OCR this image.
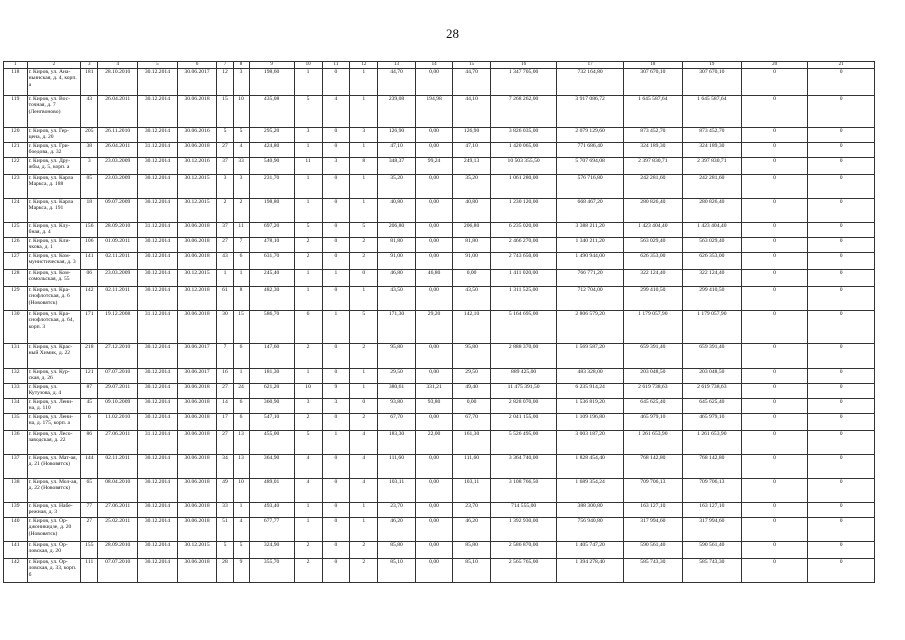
28
1	2	3	4	5	6	7	8	9	10	11	12	13	14	15	16	17	18	19	20	21
118	г. Киров, ул. Ана-ньинская, д. 4, корп. а	181	28.10.2010	30.12.2014	30.06.2017	12	3	198,60	1	0	1	44,70	0,00	44,70	1 347 705,00	732 164,80	307 670,10	307 670,10	0	0
119	г. Киров, ул. Вос-точная, д. 7 (Ленгвоново)	43	26.04.2011	30.12.2014	30.06.2018	15	10	435,08	5	4	1	239,08	194,98	44,10	7 268 262,00	3 917 086,72	1 645 587,64	1 645 587,64	0	0
120	г. Киров, ул. Гер-цена, д. 20	205	26.11.2010	30.12.2014	30.06.2016	5	5	295,20	3	0	3	126,90	0,00	126,90	3 826 035,00	2 079 129,60	873 452,70	873 452,70	0	0
121	г. Киров, ул. Гри-боедова, д. 32	38	26.04.2011	31.12.2014	30.06.2018	27	4	424,80	1	0	1	47,10	0,00	47,10	1 420 065,00	771 686,40	324 189,30	324 189,30	0	0
122	г. Киров, ул. Дру-жбы, д. 5, корп. а	3	23.03.2009	30.12.2014	30.12.2016	37	33	540,90	11	3	8	348,37	99,24	249,13	10 503 355,50	5 707 694,08	2 397 830,71	2 397 830,71	0	0
123	г. Киров, ул. Карла Маркса, д. 188	05	23.03.2009	30.12.2014	30.12.2015	3	3	231,70	1	0	1	35,20	0,00	35,20	1 061 280,00	576 716,80	242 281,60	242 281,60	0	0
124	г. Киров, ул. Карла Маркса, д. 191	18	09.07.2009	30.12.2014	30.12.2015	2	2	198,80	1	0	1	40,80	0,00	40,80	1 230 120,00	668 467,20	280 826,40	280 826,40	0	0
125	г. Киров, ул. Клу-бная, д. 4	156	28.09.2010	31.12.2014	30.06.2018	37	11	697,20	5	0	5	206,80	0,00	206,80	6 235 020,00	3 388 211,20	1 423 404,40	1 423 404,40	0	0
126	г. Киров, ул. Кли-чкова, д. 1	106	01.09.2011	30.12.2014	30.06.2018	27	7	478,10	2	0	2	81,80	0,00	81,80	2 466 270,00	1 340 211,20	563 029,40	563 029,40	0	0
127	г. Киров, ул. Ком-мунистическая, д. 3	141	02.11.2011	30.12.2014	30.06.2018	43	6	631,70	2	0	2	91,00	0,00	91,00	2 743 650,00	1 490 944,00	626 353,00	626 353,00	0	0
128	г. Киров, ул. Ком-сомольская, д. 55	06	23.03.2009	30.12.2014	30.12.2015	1	1	245,40	1	1	0	46,80	46,80	0,00	1 411 020,00	766 771,20	322 124,40	322 124,40	0	0
129	г. Киров, ул. Кра-снофлотская, д. 6 (Нововятск)	142	02.11.2011	30.12.2014	30.12.2018	61	8	482,30	1	0	1	43,50	0,00	43,50	1 311 525,00	712 704,00	299 410,50	299 410,50	0	0
130	г. Киров, ул. Кра-снофлотская, д. 64, корп. 3	171	19.12.2008	31.12.2014	30.06.2018	30	15	586,70	6	1	5	171,30	29,20	142,10	5 164 695,00	2 806 579,20	1 179 057,90	1 179 057,90	0	0
131	г. Киров, ул. Крас-ный Химик, д. 22	218	27.12.2010	30.12.2014	30.06.2017	7	6	147,60	2	0	2	95,80	0,00	95,80	2 888 370,00	1 569 587,20	659 391,40	659 391,40	0	0
132	г. Киров, ул. Кур-ская, д. 26	121	07.07.2010	30.12.2014	30.06.2017	16	1	181,30	1	0	1	29,50	0,00	29,50	889 425,00	483 328,00	203 048,50	203 048,50	0	0
133	г. Киров, ул. Кутузова, д. 4	87	29.07.2011	30.12.2014	30.06.2018	27	24	621,20	10	9	1	380,61	331,21	49,40	11 475 391,50	6 235 914,24	2 619 738,63	2 619 738,63	0	0
134	г. Киров, ул. Лени-на, д. 110	45	09.10.2009	30.12.2014	30.06.2018	14	6	360,90	3	3	0	93,80	93,80	0,00	2 828 070,00	1 536 819,20	645 625,40	645 625,40	0	0
135	г. Киров, ул. Лени-на, д. 175, корп. а	6	11.02.2010	30.12.2014	30.06.2018	17	6	547,10	2	0	2	67,70	0,00	67,70	2 041 155,00	1 109 196,80	465 979,10	465 979,10	0	0
136	г. Киров, ул. Лесо-заводская, д. 22	86	27.06.2011	31.12.2014	30.06.2018	27	13	455,00	5	1	4	183,30	22,00	161,30	5 526 495,00	3 003 187,20	1 261 653,90	1 261 653,90	0	0
137	г. Киров, ул. Мат-ая, д. 21 (Нововятск)	144	02.11.2011	30.12.2014	30.06.2018	34	13	364,90	4	0	4	111,60	0,00	111,60	3 364 740,00	1 828 454,40	768 142,80	768 142,80	0	0
138	г. Киров, ул. Мол-ая, д. 22 (Нововятск)	65	08.04.2010	30.12.2014	30.06.2018	49	10	489,01	4	0	4	103,11	0,00	103,11	3 108 766,50	1 689 354,24	709 706,13	709 706,13	0	0
139	г. Киров, ул. Набе-режная, д. 3	77	27.06.2011	30.12.2014	30.06.2018	33	1	493,40	1	0	1	23,70	0,00	23,70	714 555,00	388 300,80	163 127,10	163 127,10	0	0
140	г. Киров, ул. Ор-джоникидзе, д. 20 (Нововятск)	27	25.02.2011	30.12.2014	30.06.2018	51	4	677,77	1	0	1	46,20	0,00	46,20	1 392 930,00	756 940,80	317 994,60	317 994,60	0	0
141	г. Киров, ул. Ор-ловская, д. 20	155	28.09.2010	30.12.2014	30.12.2015	5	5	324,90	2	0	2	85,80	0,00	85,80	2 586 870,00	1 405 747,20	590 561,40	590 561,40	0	0
142	г. Киров, ул. Ор-ловская, д. 33, корп. б	111	07.07.2010	30.12.2014	30.06.2018	28	9	355,70	2	0	2	85,10	0,00	85,10	2 565 765,00	1 394 278,40	585 743,30	585 743,30	0	0
